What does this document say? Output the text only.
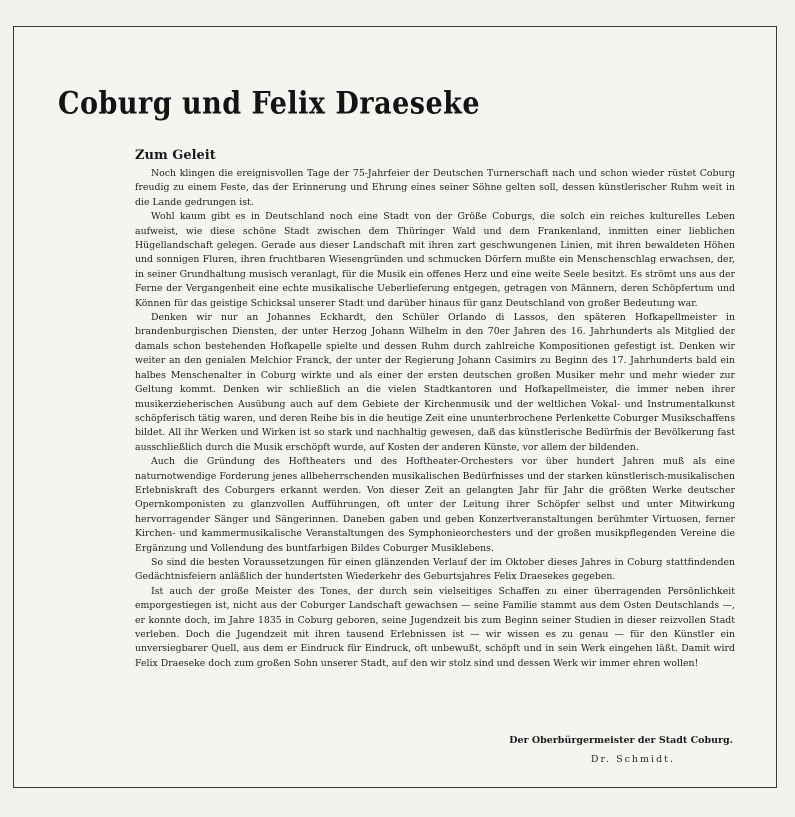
Coburg und Felix Draeseke
Zum Geleit

Noch klingen die ereignisvollen Tage der 75-Jahrfeier der Deutschen Turnerschaft nach und schon wieder rüstet Coburg freudig zu einem Feste, das der Erinnerung und Ehrung eines seiner Söhne gelten soll, dessen künstlerischer Ruhm weit in die Lande gedrungen ist.

Wohl kaum gibt es in Deutschland noch eine Stadt von der Größe Coburgs, die solch ein reiches kulturelles Leben aufweist, wie diese schöne Stadt zwischen dem Thüringer Wald und dem Frankenland, inmitten einer lieblichen Hügellandschaft gelegen. Gerade aus dieser Landschaft mit ihren zart geschwungenen Linien, mit ihren bewaldeten Höhen und sonnigen Fluren, ihren fruchtbaren Wiesengründen und schmucken Dörfern mußte ein Menschenschlag erwachsen, der, in seiner Grundhaltung musisch veranlagt, für die Musik ein offenes Herz und eine weite Seele besitzt. Es strömt uns aus der Ferne der Vergangenheit eine echte musikalische Ueberlieferung entgegen, getragen von Männern, deren Schöpfertum und Können für das geistige Schicksal unserer Stadt und darüber hinaus für ganz Deutschland von großer Bedeutung war.

Denken wir nur an Johannes Eckhardt, den Schüler Orlando di Lassos, den späteren Hofkapellmeister in brandenburgischen Diensten, der unter Herzog Johann Wilhelm in den 70er Jahren des 16. Jahrhunderts als Mitglied der damals schon bestehenden Hofkapelle spielte und dessen Ruhm durch zahlreiche Kompositionen gefestigt ist. Denken wir weiter an den genialen Melchior Franck, der unter der Regierung Johann Casimirs zu Beginn des 17. Jahrhunderts bald ein halbes Menschenalter in Coburg wirkte und als einer der ersten deutschen großen Musiker mehr und mehr wieder zur Geltung kommt. Denken wir schließlich an die vielen Stadtkantoren und Hofkapellmeister, die immer neben ihrer musikerzieherischen Ausübung auch auf dem Gebiete der Kirchenmusik und der weltlichen Vokal- und Instrumentalkunst schöpferisch tätig waren, und deren Reihe bis in die heutige Zeit eine ununterbrochene Perlenkette Coburger Musikschaffens bildet. All ihr Werken und Wirken ist so stark und nachhaltig gewesen, daß das künstlerische Bedürfnis der Bevölkerung fast ausschließlich durch die Musik erschöpft wurde, auf Kosten der anderen Künste, vor allem der bildenden.

Auch die Gründung des Hoftheaters und des Hoftheater-Orchesters vor über hundert Jahren muß als eine naturnotwendige Forderung jenes allbeherrschenden musikalischen Bedürfnisses und der starken künstlerisch-musikalischen Erlebniskraft des Coburgers erkannt werden. Von dieser Zeit an gelangten Jahr für Jahr die größten Werke deutscher Opernkomponisten zu glanzvollen Aufführungen, oft unter der Leitung ihrer Schöpfer selbst und unter Mitwirkung hervorragender Sänger und Sängerinnen. Daneben gaben und geben Konzertveranstaltungen berühmter Virtuosen, ferner Kirchen- und kammermusikalische Veranstaltungen des Symphonieorchesters und der großen musikpflegenden Vereine die Ergänzung und Vollendung des buntfarbigen Bildes Coburger Musiklebens.

So sind die besten Voraussetzungen für einen glänzenden Verlauf der im Oktober dieses Jahres in Coburg stattfindenden Gedächtnisfeiern anläßlich der hundertsten Wiederkehr des Geburtsjahres Felix Draesekes gegeben.

Ist auch der große Meister des Tones, der durch sein vielseitiges Schaffen zu einer überragenden Persönlichkeit emporgestiegen ist, nicht aus der Coburger Landschaft gewachsen — seine Familie stammt aus dem Osten Deutschlands —, er konnte doch, im Jahre 1835 in Coburg geboren, seine Jugendzeit bis zum Beginn seiner Studien in dieser reizvollen Stadt verleben. Doch die Jugendzeit mit ihren tausend Erlebnissen ist — wir wissen es zu genau — für den Künstler ein unversiegbarer Quell, aus dem er Eindruck für Eindruck, oft unbewußt, schöpft und in sein Werk eingehen läßt. Damit wird Felix Draeseke doch zum großen Sohn unserer Stadt, auf den wir stolz sind und dessen Werk wir immer ehren wollen!

Der Oberbürgermeister der Stadt Coburg.
Dr. Schmidt.
